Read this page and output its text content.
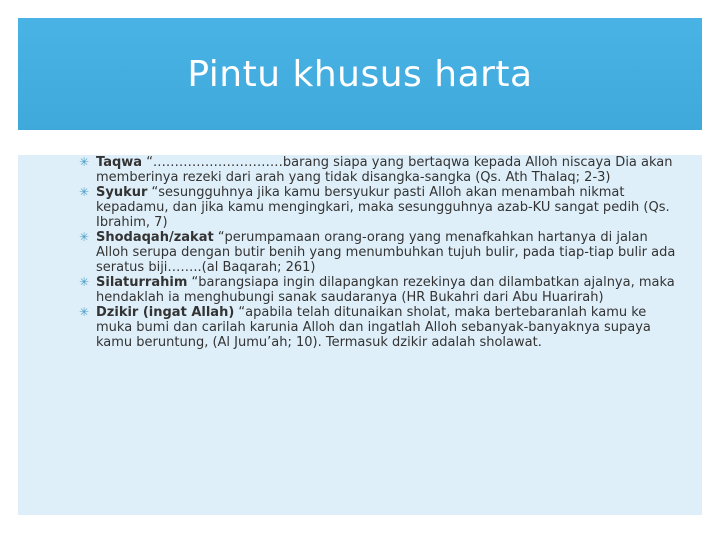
Pintu khusus harta
✳ Taqwa “…………………………barang siapa yang bertaqwa kepada Alloh niscaya Dia akan memberinya rezeki dari arah yang tidak disangka-sangka (Qs. Ath Thalaq; 2-3)
✳ Syukur “sesungguhnya jika kamu bersyukur pasti Alloh akan menambah nikmat kepadamu, dan jika kamu mengingkari, maka sesungguhnya azab-KU sangat pedih (Qs. Ibrahim, 7)
✳ Shodaqah/zakat “perumpamaan orang-orang yang menafkahkan hartanya di jalan Alloh serupa dengan butir benih yang menumbuhkan tujuh bulir, pada tiap-tiap bulir ada seratus biji……..(al Baqarah; 261)
✳ Silaturrahim “barangsiapa ingin dilapangkan rezekinya dan dilambatkan ajalnya, maka hendaklah ia menghubungi sanak saudaranya (HR Bukahri dari Abu Huarirah)
✳ Dzikir (ingat Allah) “apabila telah ditunaikan sholat, maka bertebaranlah kamu ke muka bumi dan carilah karunia Alloh dan ingatlah Alloh sebanyak-banyaknya supaya kamu beruntung, (Al Jumu’ah; 10). Termasuk dzikir adalah sholawat.
